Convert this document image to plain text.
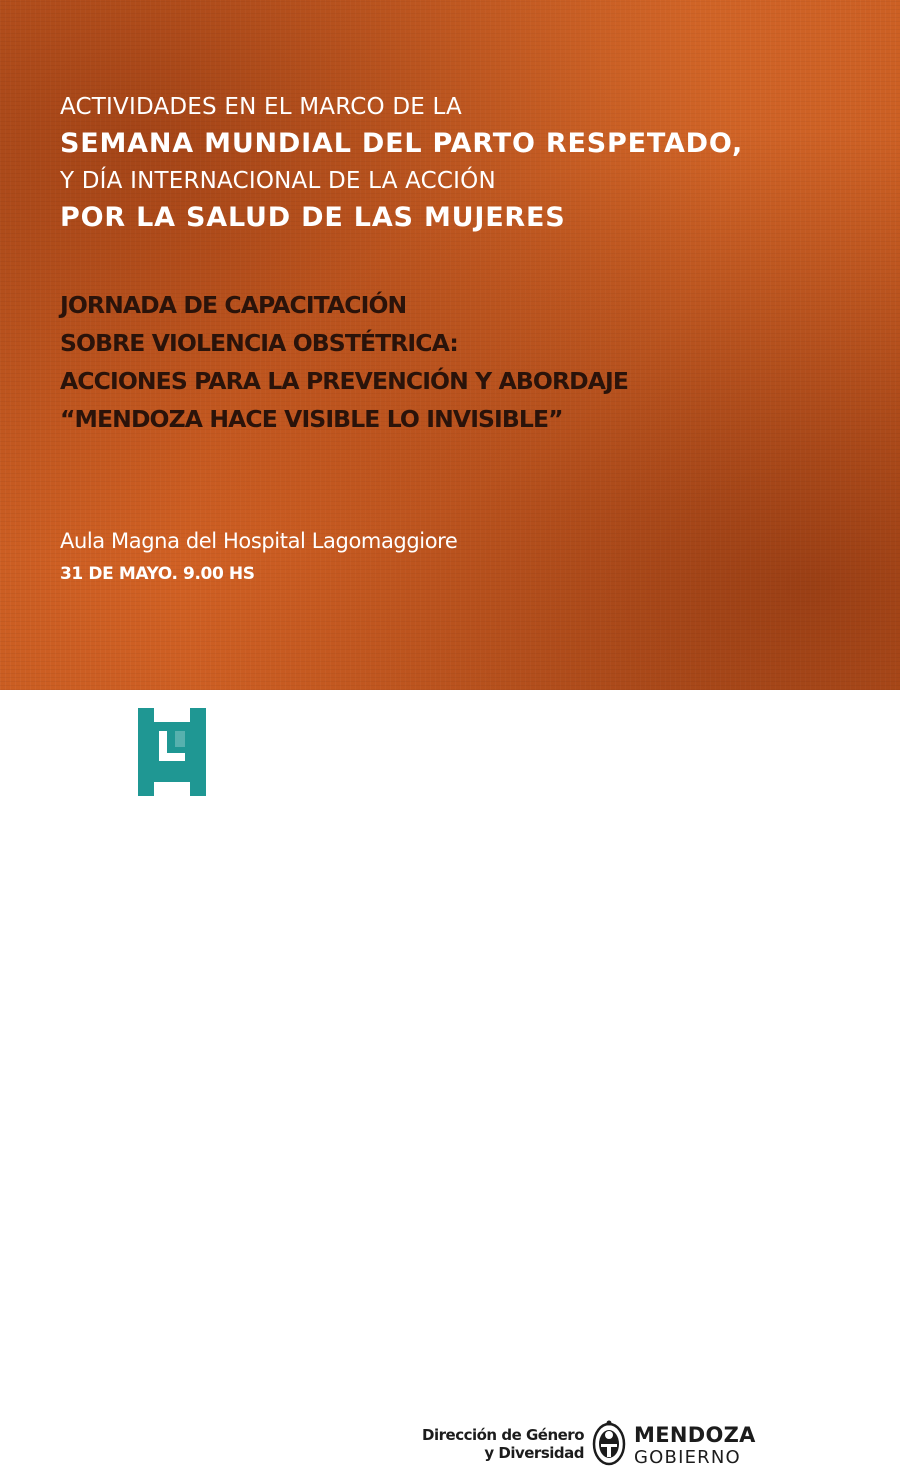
ACTIVIDADES EN EL MARCO DE LA
SEMANA MUNDIAL DEL PARTO RESPETADO,
Y DÍA INTERNACIONAL DE LA ACCIÓN
POR LA SALUD DE LAS MUJERES
JORNADA DE CAPACITACIÓN
SOBRE VIOLENCIA OBSTÉTRICA:
ACCIONES PARA LA PREVENCIÓN Y ABORDAJE
“MENDOZA HACE VISIBLE LO INVISIBLE”
Aula Magna del Hospital Lagomaggiore
31 DE MAYO. 9.00 HS
Dirección de Género
y Diversidad
MENDOZA
GOBIERNO
